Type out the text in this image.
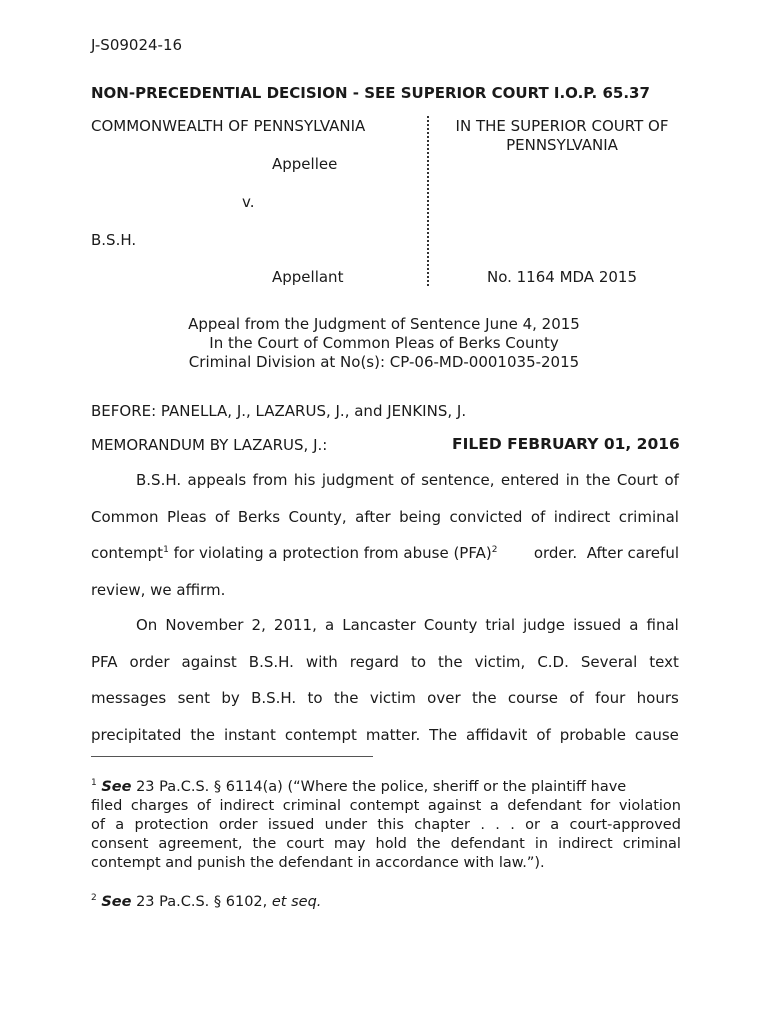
J-S09024-16
NON-PRECEDENTIAL DECISION - SEE SUPERIOR COURT I.O.P. 65.37
COMMONWEALTH OF PENNSYLVANIA
Appellee
v.
B.S.H.
Appellant
IN THE SUPERIOR COURT OF
PENNSYLVANIA
No. 1164 MDA 2015
Appeal from the Judgment of Sentence June 4, 2015
In the Court of Common Pleas of Berks County
Criminal Division at No(s): CP-06-MD-0001035-2015
BEFORE: PANELLA, J., LAZARUS, J., and JENKINS, J.
MEMORANDUM BY LAZARUS, J.:	FILED FEBRUARY 01, 2016
B.S.H. appeals from his judgment of sentence, entered in the Court of
Common Pleas of Berks County, after being convicted of indirect criminal
contempt$^1$ for violating a protection from abuse (PFA)$^2$ order.  After careful
review, we affirm.
On November 2, 2011, a Lancaster County trial judge issued a final
PFA order against B.S.H. with regard to the victim, C.D. Several text
messages sent by B.S.H. to the victim over the course of four hours
precipitated the instant contempt matter. The affidavit of probable cause
$^1$ See 23 Pa.C.S. § 6114(a) (“Where the police, sheriff or the plaintiff have
filed charges of indirect criminal contempt against a defendant for violation
of a protection order issued under this chapter . . . or a court-approved
consent agreement, the court may hold the defendant in indirect criminal
contempt and punish the defendant in accordance with law.”).
$^2$ See 23 Pa.C.S. § 6102, et seq.
